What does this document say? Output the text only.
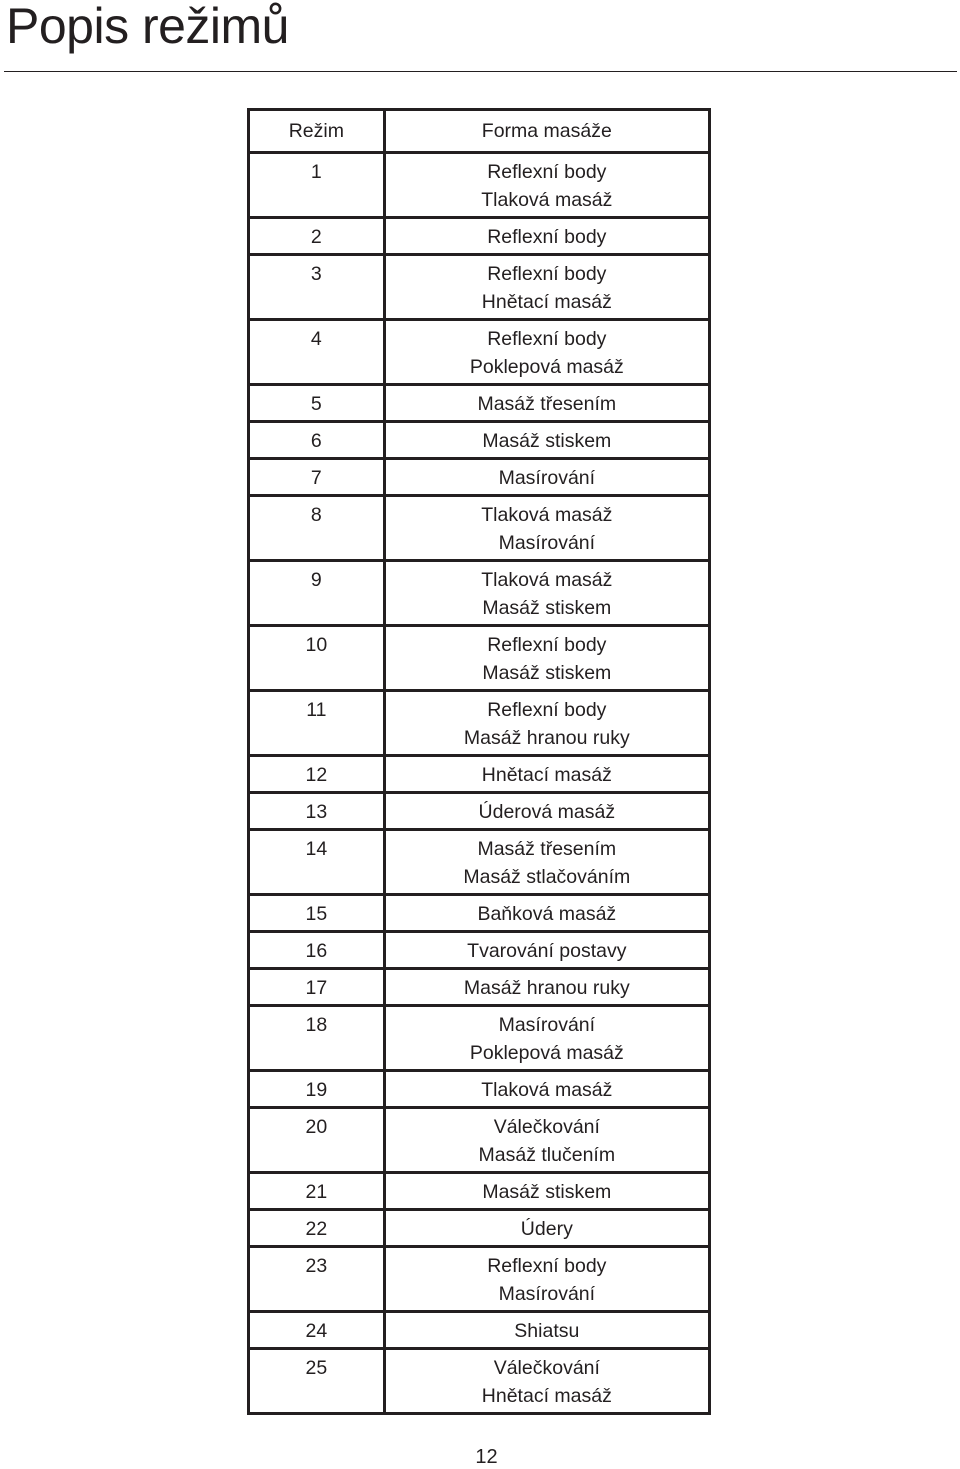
Popis režimů
Režim	Forma masáže
1	Reflexní body
Tlaková masáž

2	Reflexní body

3	Reflexní body
Hnětací masáž

4	Reflexní body
Poklepová masáž

5	Masáž třesením

6	Masáž stiskem

7	Masírování

8	Tlaková masáž
Masírování

9	Tlaková masáž
Masáž stiskem

10	Reflexní body
Masáž stiskem

11	Reflexní body
Masáž hranou ruky

12	Hnětací masáž

13	Úderová masáž

14	Masáž třesením
Masáž stlačováním

15	Baňková masáž

16	Tvarování postavy

17	Masáž hranou ruky

18	Masírování
Poklepová masáž

19	Tlaková masáž

20	Válečkování
Masáž tlučením

21	Masáž stiskem

22	Údery

23	Reflexní body
Masírování

24	Shiatsu

25	Válečkování
Hnětací masáž
12
